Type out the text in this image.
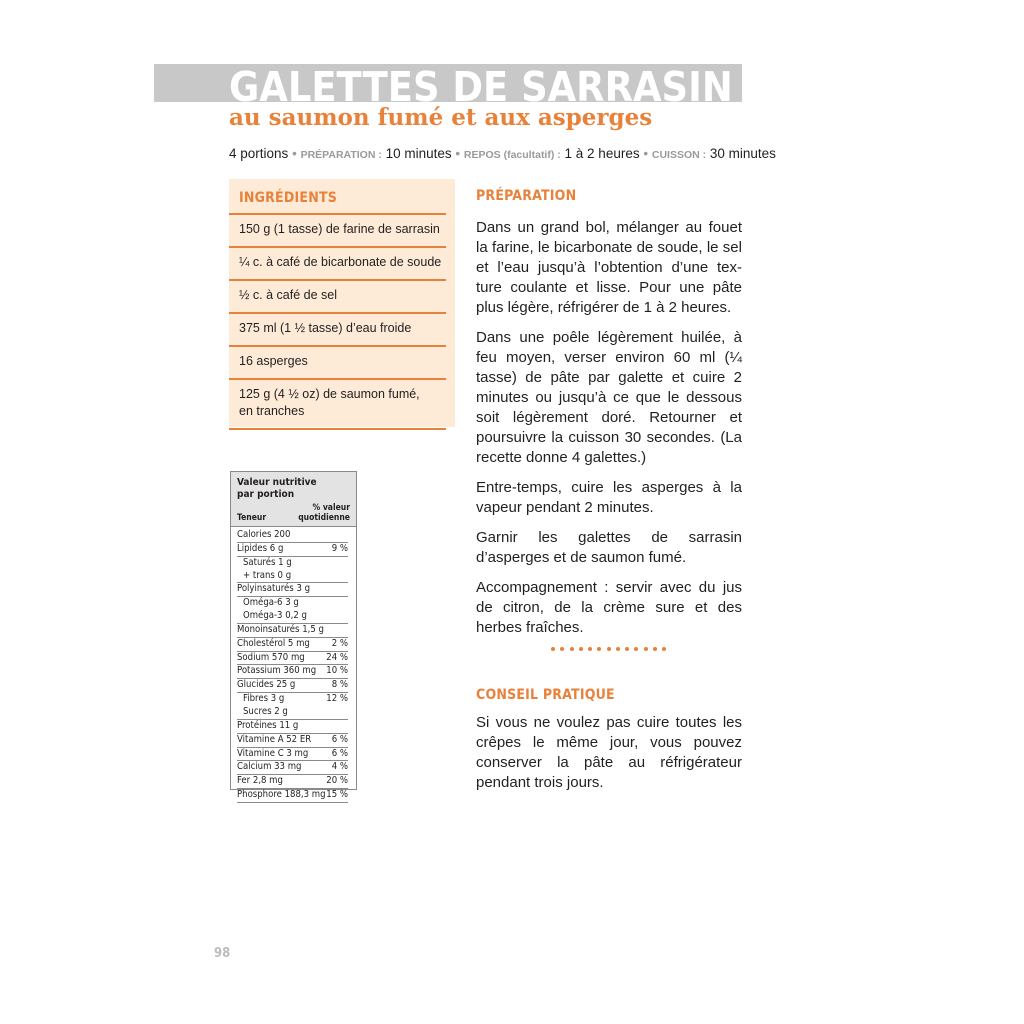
GALETTES DE SARRASIN
au saumon fumé et aux asperges
4 portions • PRÉPARATION : 10 minutes • REPOS (facultatif) : 1 à 2 heures • CUISSON : 30 minutes
INGRÉDIENTS
150 g (1 tasse) de farine de sarrasin
¼ c. à café de bicarbonate de soude
½ c. à café de sel
375 ml (1 ½ tasse) d’eau froide
16 asperges
125 g (4 ½ oz) de saumon fumé,
en tranches
Valeur nutritive
par portion
Teneur
% valeur
quotidienne
Calories 200
Lipides 6 g	9 %
Saturés 1 g
+ trans 0 g
Polyinsaturés 3 g
Oméga-6 3 g
Oméga-3 0,2 g
Monoinsaturés 1,5 g
Cholestérol 5 mg 2 %
Sodium 570 mg 24 %
Potassium 360 mg 10 %
Glucides 25 g	8 %
Fibres 3 g	12 %
Sucres 2 g
Protéines 11 g
Vitamine A 52 ER 6 %
Vitamine C 3 mg 6 %
Calcium 33 mg	4 %
Fer 2,8 mg	20 %
Phosphore 188,3 mg 15 %
PRÉPARATION

Dans un grand bol, mélanger au fouet la farine, le bicarbonate de soude, le sel et l’eau jusqu’à l’obtention d’une tex-ture coulante et lisse. Pour une pâte plus légère, réfrigérer de 1 à 2 heures.

Dans une poêle légèrement huilée, à feu moyen, verser environ 60 ml (¼ tasse) de pâte par galette et cuire 2 minutes ou jusqu’à ce que le dessous soit légèrement doré. Retourner et poursuivre la cuisson 30 secondes. (La recette donne 4 galettes.)

Entre-temps, cuire les asperges à la vapeur pendant 2 minutes.

Garnir les galettes de sarrasin d’asperges et de saumon fumé.

Accompagnement : servir avec du jus de citron, de la crème sure et des herbes fraîches.

CONSEIL PRATIQUE

Si vous ne voulez pas cuire toutes les crêpes le même jour, vous pouvez conserver la pâte au réfrigérateur pendant trois jours.

98
